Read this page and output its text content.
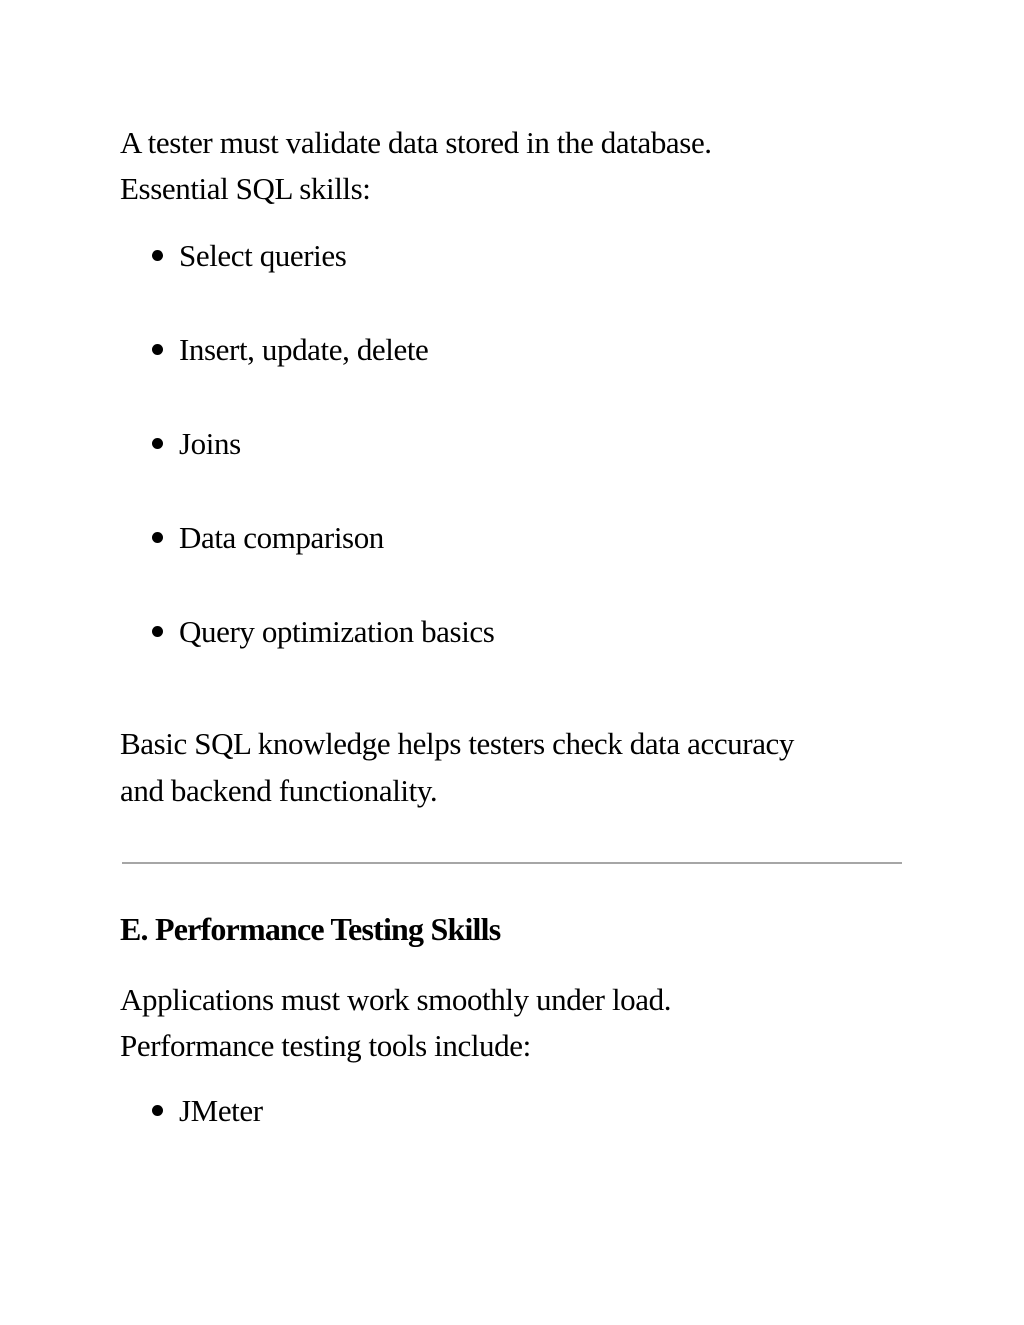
A tester must validate data stored in the database.
Essential SQL skills:

Select queries
Insert, update, delete
Joins
Data comparison
Query optimization basics

Basic SQL knowledge helps testers check data accuracy
and backend functionality.

E. Performance Testing Skills

Applications must work smoothly under load.
Performance testing tools include:

JMeter
